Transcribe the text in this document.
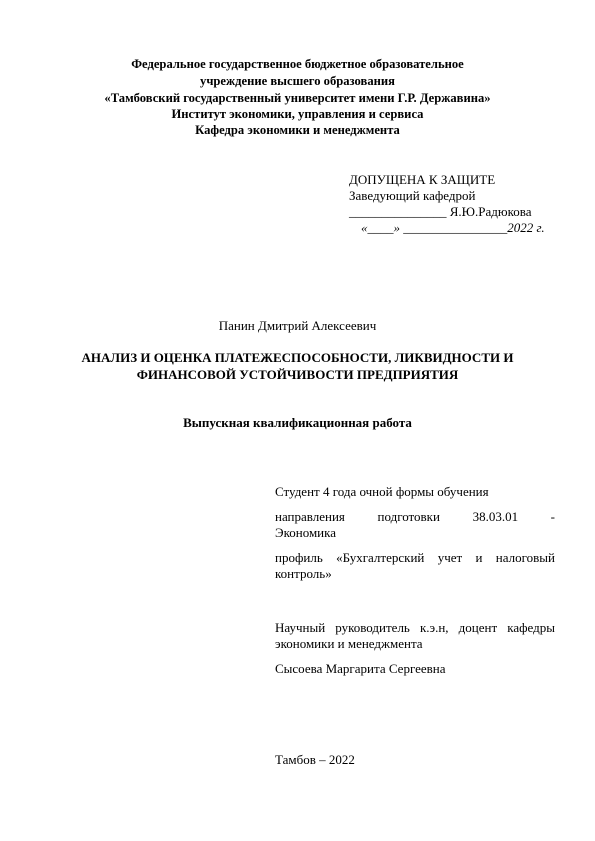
Федеральное государственное бюджетное образовательное
учреждение высшего образования
«Тамбовский государственный университет имени Г.Р. Державина»
Институт экономики, управления и сервиса
Кафедра экономики и менеджмента
ДОПУЩЕНА К ЗАЩИТЕ
Заведующий кафедрой
_______________ Я.Ю.Радюкова
«____» ________________2022 г.
Панин Дмитрий Алексеевич
АНАЛИЗ И ОЦЕНКА ПЛАТЕЖЕСПОСОБНОСТИ, ЛИКВИДНОСТИ И
ФИНАНСОВОЙ УСТОЙЧИВОСТИ ПРЕДПРИЯТИЯ
Выпускная квалификационная работа
Студент 4 года очной формы обучения
направления	подготовки	38.03.01	-
Экономика
профиль «Бухгалтерский учет и налоговый
контроль»
Научный руководитель к.э.н, доцент кафедры
экономики и менеджмента
Сысоева Маргарита Сергеевна
Тамбов – 2022
